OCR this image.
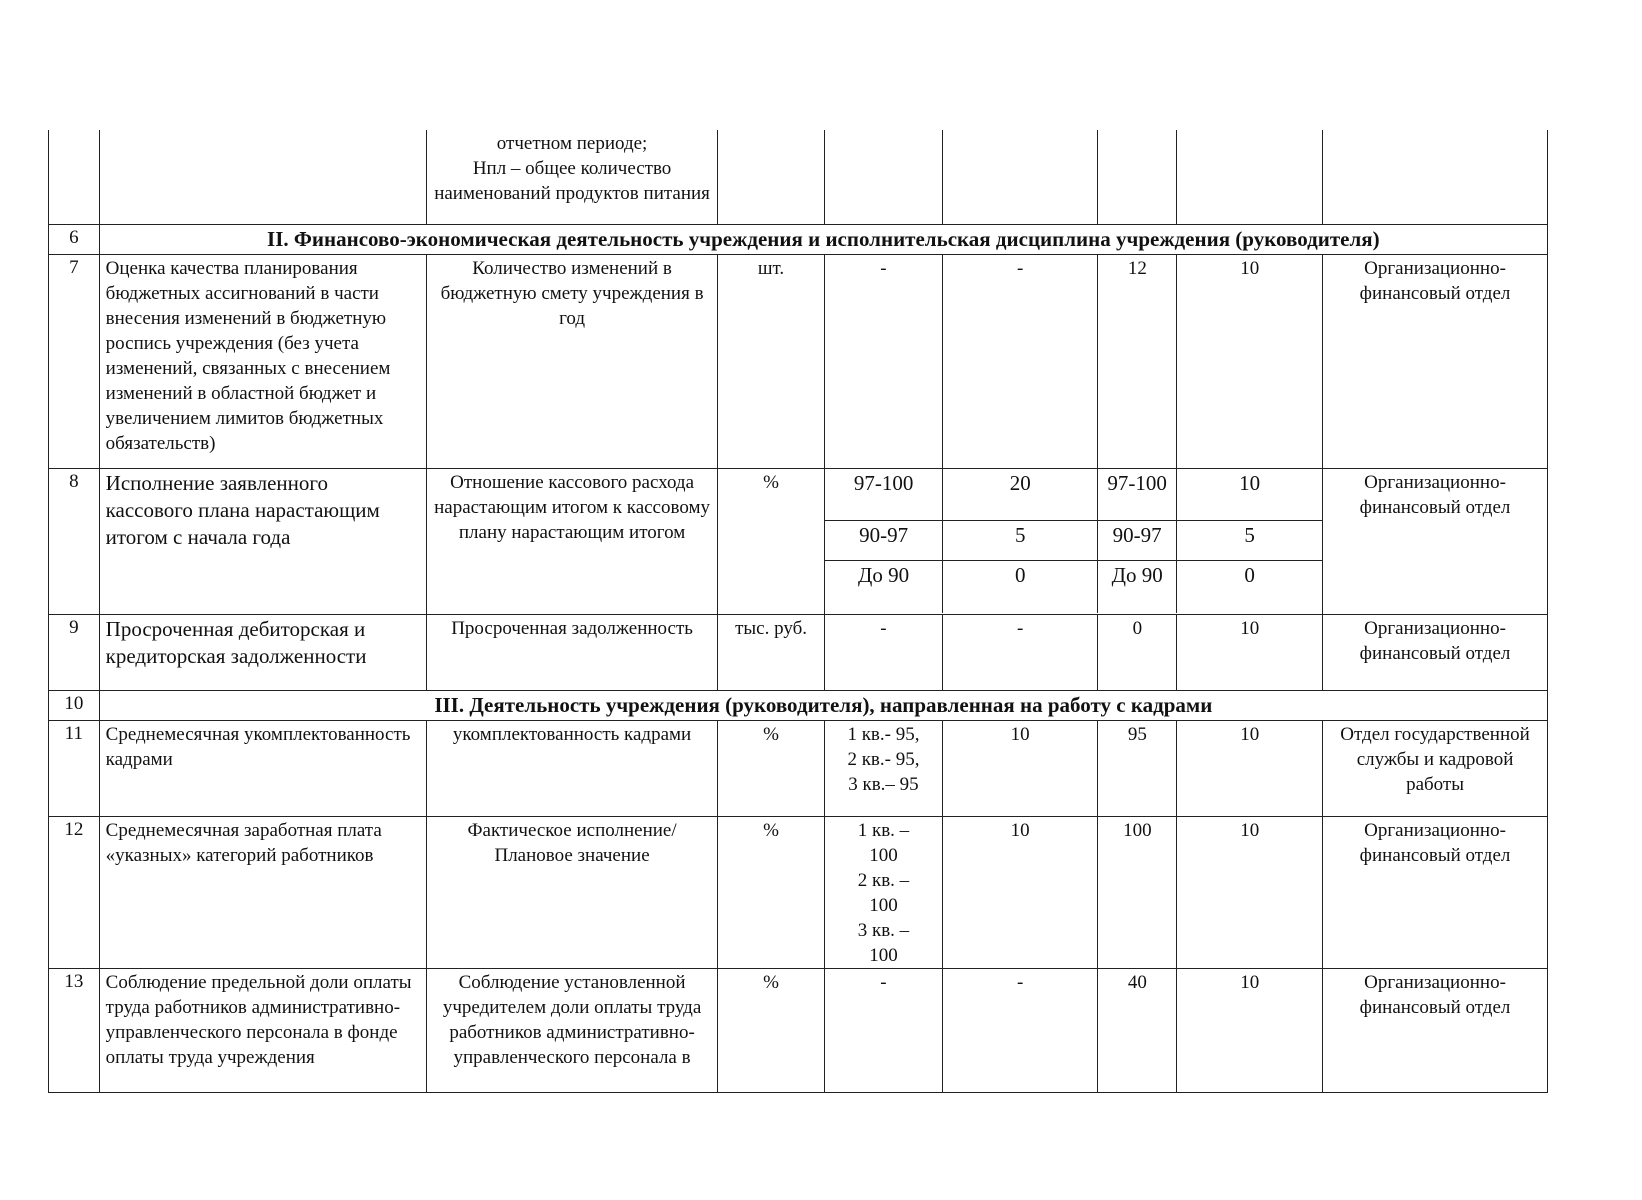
		отчетном периоде;
Нпл – общее количество наименований продуктов питания						
6	II. Финансово-экономическая деятельность учреждения и исполнительская дисциплина учреждения (руководителя)
7	Оценка качества планирования бюджетных ассигнований в части внесения изменений в бюджетную роспись учреждения (без учета изменений, связанных с внесением изменений в областной бюджет и увеличением лимитов бюджетных обязательств)	Количество изменений в бюджетную смету учреждения в год	шт.	-	-	12	10	Организационно-финансовый отдел
8	Исполнение заявленного кассового плана нарастающим итогом с начала года	Отношение кассового расхода нарастающим итогом к кассовому плану нарастающим итогом	%		97-100	20	97-100	10
90-97	5	90-97	5
До 90	0	До 90	0
	Организационно-финансовый отдел
9	Просроченная дебиторская и кредиторская задолженности	Просроченная задолженность	тыс. руб.	-	-	0	10	Организационно-финансовый отдел
10	III. Деятельность учреждения (руководителя), направленная на работу с кадрами
11	Среднемесячная укомплектованность кадрами	укомплектованность кадрами	%	1 кв.- 95,
2 кв.- 95,
3 кв.– 95	10	95	10	Отдел государственной службы и кадровой работы
12	Среднемесячная заработная плата «указных» категорий работников	Фактическое исполнение/ Плановое значение	%	1 кв. –
100
2 кв. –
100
3 кв. –
100	10	100	10	Организационно-финансовый отдел
13	Соблюдение предельной доли оплаты труда работников административно-управленческого персонала в фонде оплаты труда учреждения	Соблюдение установленной учредителем доли оплаты труда работников административно-управленческого персонала в	%	-	-	40	10	Организационно-финансовый отдел
